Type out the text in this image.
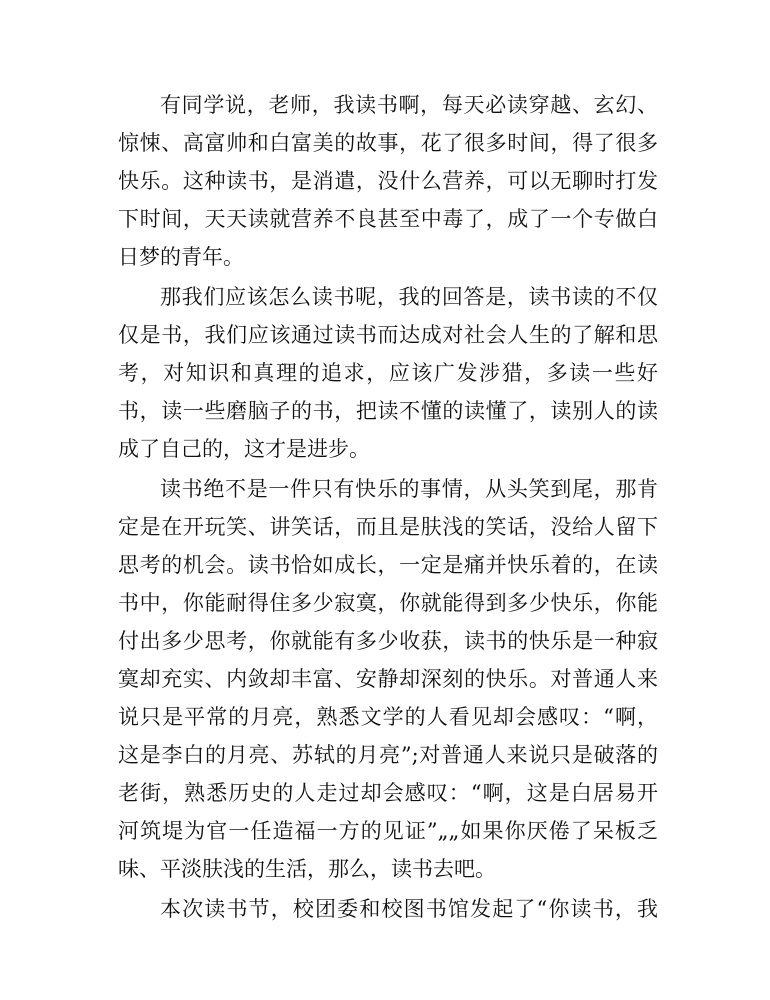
有同学说，老师，我读书啊，每天必读穿越、玄幻、
惊悚、高富帅和白富美的故事，花了很多时间，得了很多
快乐。这种读书，是消遣，没什么营养，可以无聊时打发
下时间，天天读就营养不良甚至中毒了，成了一个专做白
日梦的青年。
那我们应该怎么读书呢，我的回答是，读书读的不仅
仅是书，我们应该通过读书而达成对社会人生的了解和思
考，对知识和真理的追求，应该广发涉猎，多读一些好
书，读一些磨脑子的书，把读不懂的读懂了，读别人的读
成了自己的，这才是进步。
读书绝不是一件只有快乐的事情，从头笑到尾，那肯
定是在开玩笑、讲笑话，而且是肤浅的笑话，没给人留下
思考的机会。读书恰如成长，一定是痛并快乐着的，在读
书中，你能耐得住多少寂寞，你就能得到多少快乐，你能
付出多少思考，你就能有多少收获，读书的快乐是一种寂
寞却充实、内敛却丰富、安静却深刻的快乐。对普通人来
说只是平常的月亮，熟悉文学的人看见却会感叹：“啊，
这是李白的月亮、苏轼的月亮”;对普通人来说只是破落的
老街，熟悉历史的人走过却会感叹：“啊，这是白居易开
河筑堤为官一任造福一方的见证”„„如果你厌倦了呆板乏
味、平淡肤浅的生活，那么，读书去吧。
本次读书节，校团委和校图书馆发起了“你读书，我
